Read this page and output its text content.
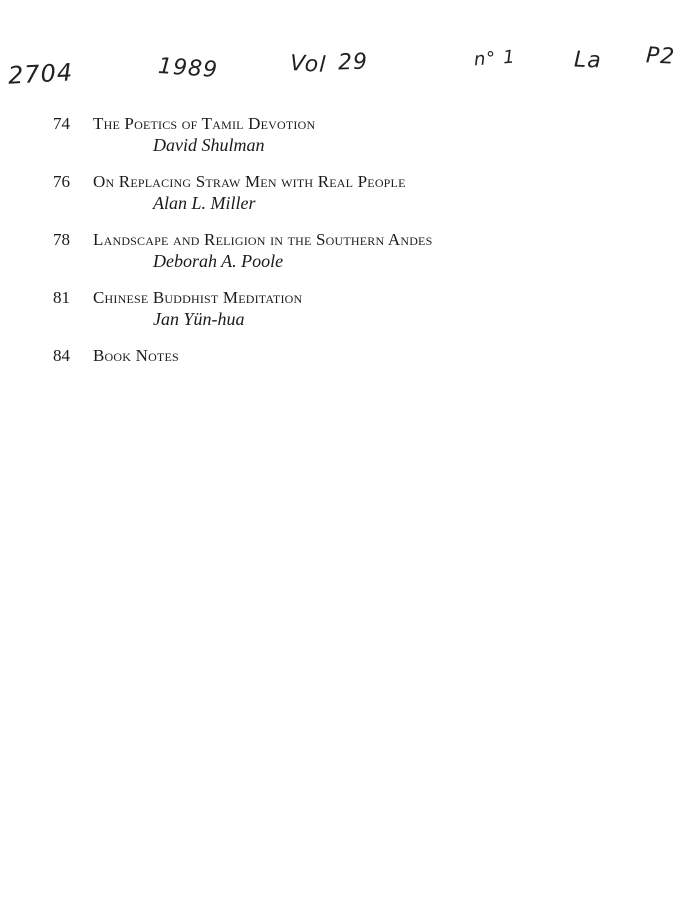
2704	1989	Vol 29	n° 1	La P2
74	The Poetics of Tamil Devotion
David Shulman
76	On Replacing Straw Men with Real People
Alan L. Miller
78	Landscape and Religion in the Southern Andes
Deborah A. Poole
81	Chinese Buddhist Meditation
Jan Yün-hua
84	Book Notes
